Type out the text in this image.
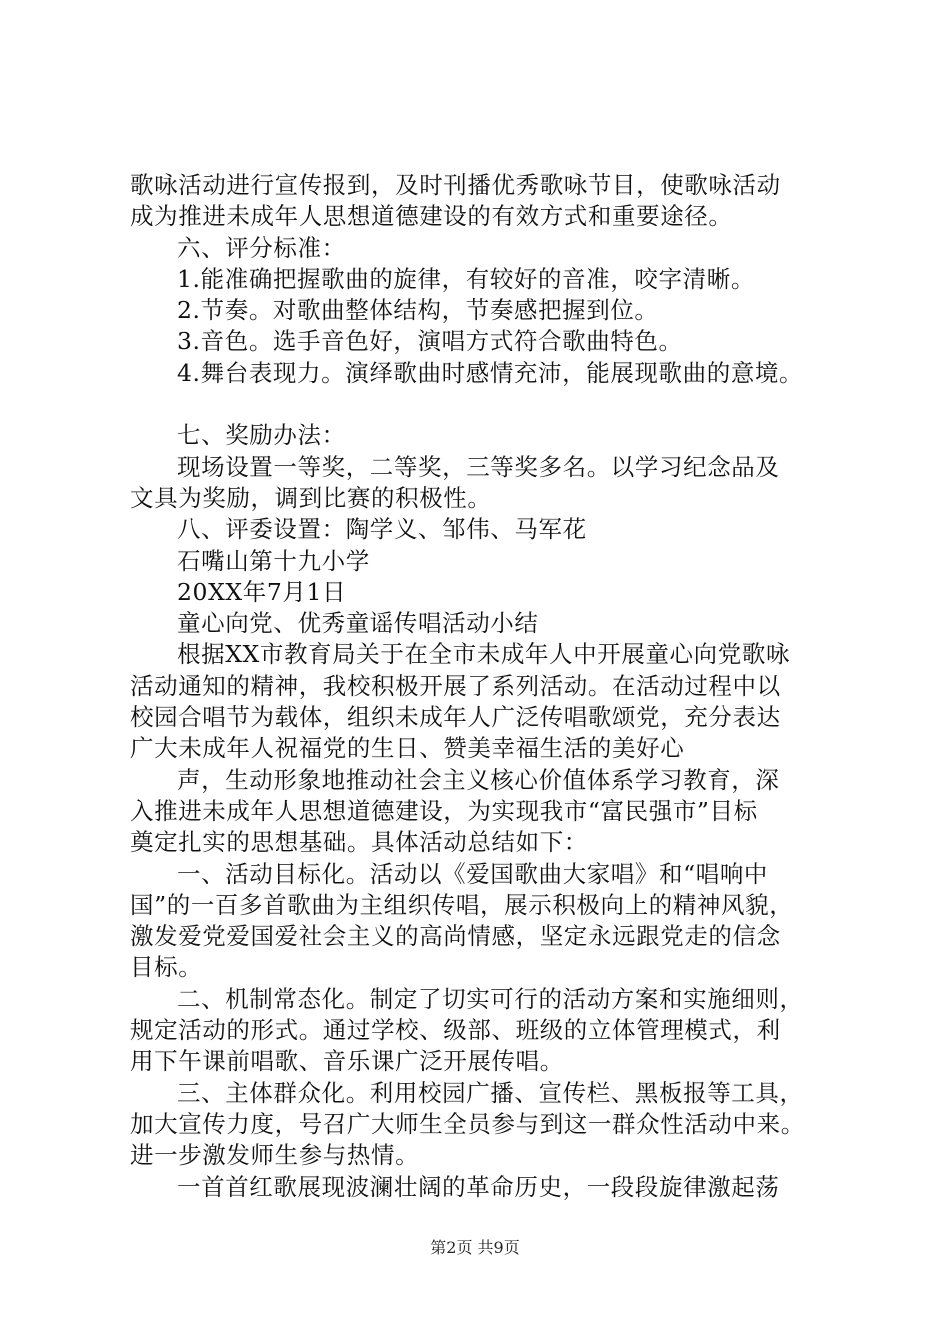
歌咏活动进行宣传报到，及时刊播优秀歌咏节目，使歌咏活动
成为推进未成年人思想道德建设的有效方式和重要途径。
六、评分标准：
1.能准确把握歌曲的旋律，有较好的音准，咬字清晰。
2.节奏。对歌曲整体结构，节奏感把握到位。
3.音色。选手音色好，演唱方式符合歌曲特色。
4.舞台表现力。演绎歌曲时感情充沛，能展现歌曲的意境。
七、奖励办法：
现场设置一等奖，二等奖，三等奖多名。以学习纪念品及
文具为奖励，调到比赛的积极性。
八、评委设置：陶学义、邹伟、马军花
石嘴山第十九小学
20XX年7月1日
童心向党、优秀童谣传唱活动小结
根据XX市教育局关于在全市未成年人中开展童心向党歌咏
活动通知的精神，我校积极开展了系列活动。在活动过程中以
校园合唱节为载体，组织未成年人广泛传唱歌颂党，充分表达
广大未成年人祝福党的生日、赞美幸福生活的美好心
声，生动形象地推动社会主义核心价值体系学习教育，深
入推进未成年人思想道德建设，为实现我市“富民强市”目标
奠定扎实的思想基础。具体活动总结如下：
一、活动目标化。活动以《爱国歌曲大家唱》和“唱响中
国”的一百多首歌曲为主组织传唱，展示积极向上的精神风貌，
激发爱党爱国爱社会主义的高尚情感，坚定永远跟党走的信念
目标。
二、机制常态化。制定了切实可行的活动方案和实施细则，
规定活动的形式。通过学校、级部、班级的立体管理模式，利
用下午课前唱歌、音乐课广泛开展传唱。
三、主体群众化。利用校园广播、宣传栏、黑板报等工具，
加大宣传力度，号召广大师生全员参与到这一群众性活动中来。
进一步激发师生参与热情。
一首首红歌展现波澜壮阔的革命历史，一段段旋律激起荡
第2页 共9页
